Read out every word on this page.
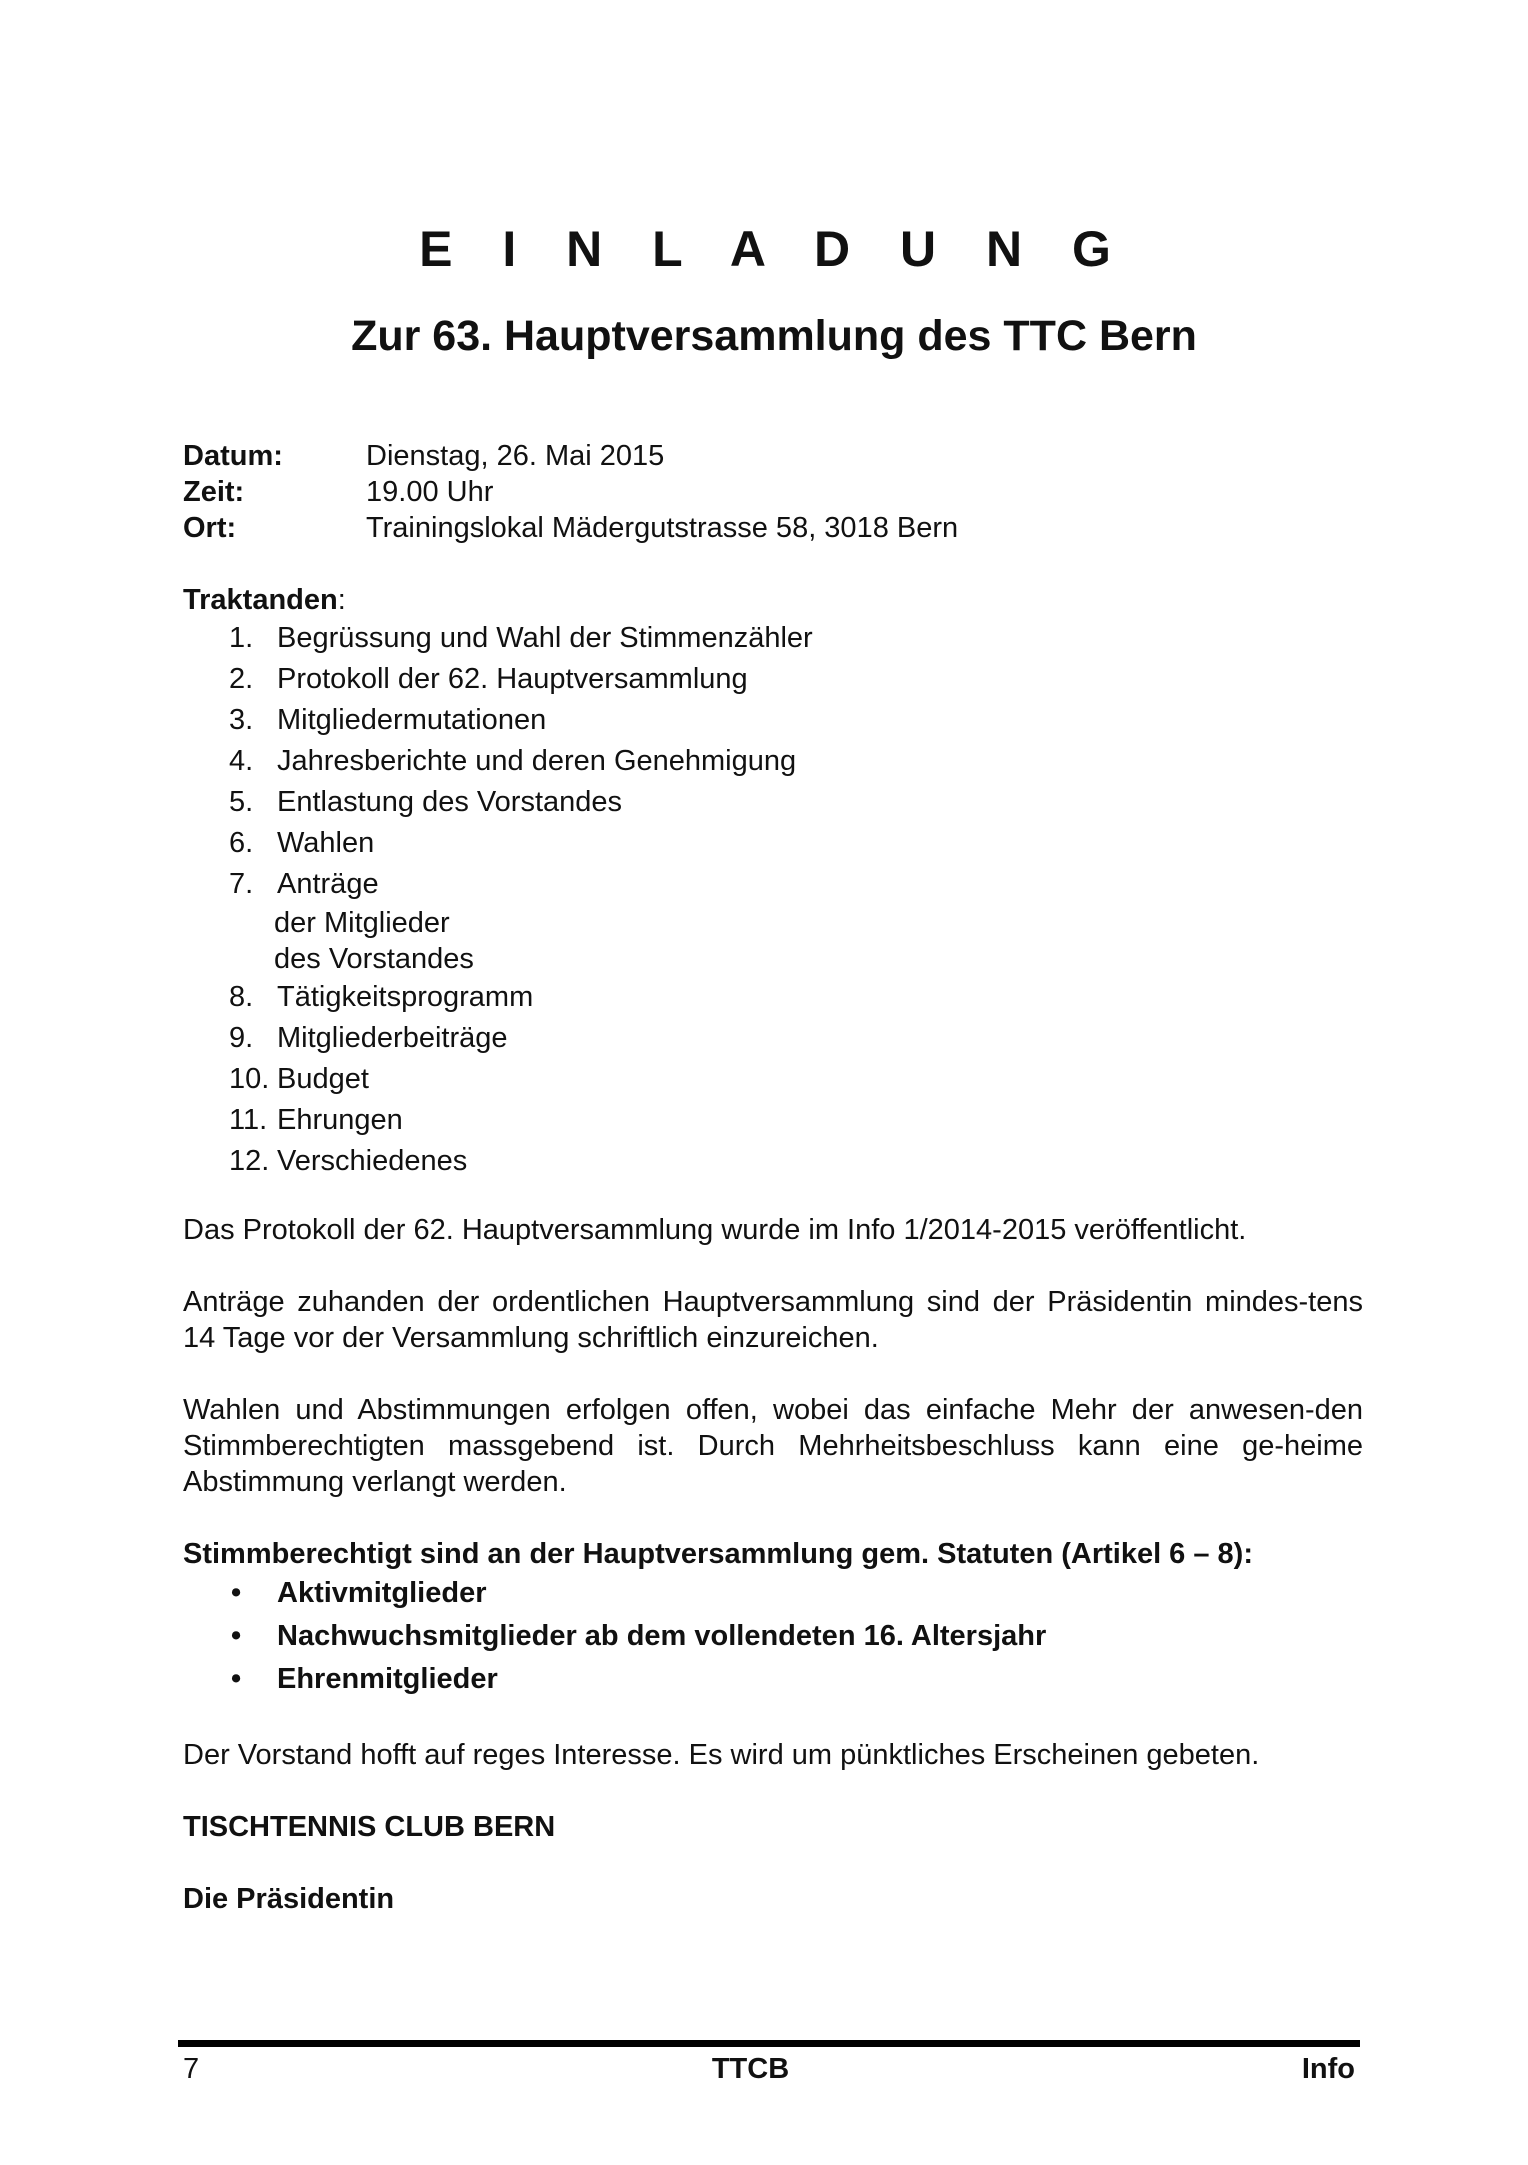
E I N L A D U N G
Zur 63. Hauptversammlung des TTC Bern
Datum:	Dienstag, 26. Mai 2015
Zeit:	19.00 Uhr
Ort:	Trainingslokal Mädergutstrasse 58, 3018 Bern
Traktanden:
1. Begrüssung und Wahl der Stimmenzähler
2. Protokoll der 62. Hauptversammlung
3. Mitgliedermutationen
4. Jahresberichte und deren Genehmigung
5. Entlastung des Vorstandes
6. Wahlen
7. Anträge
der Mitglieder
des Vorstandes
8. Tätigkeitsprogramm
9. Mitgliederbeiträge
10. Budget
11. Ehrungen
12. Verschiedenes
Das Protokoll der 62. Hauptversammlung wurde im Info 1/2014-2015 veröffentlicht.
Anträge zuhanden der ordentlichen Hauptversammlung sind der Präsidentin mindes-tens 14 Tage vor der Versammlung schriftlich einzureichen.
Wahlen und Abstimmungen erfolgen offen, wobei das einfache Mehr der anwesen-den Stimmberechtigten massgebend ist. Durch Mehrheitsbeschluss kann eine ge-heime Abstimmung verlangt werden.
Stimmberechtigt sind an der Hauptversammlung gem. Statuten (Artikel 6 – 8):
•	Aktivmitglieder
•	Nachwuchsmitglieder ab dem vollendeten 16. Altersjahr
•	Ehrenmitglieder
Der Vorstand hofft auf reges Interesse. Es wird um pünktliches Erscheinen gebeten.
TISCHTENNIS CLUB BERN
Die Präsidentin
7	TTCB	Info
